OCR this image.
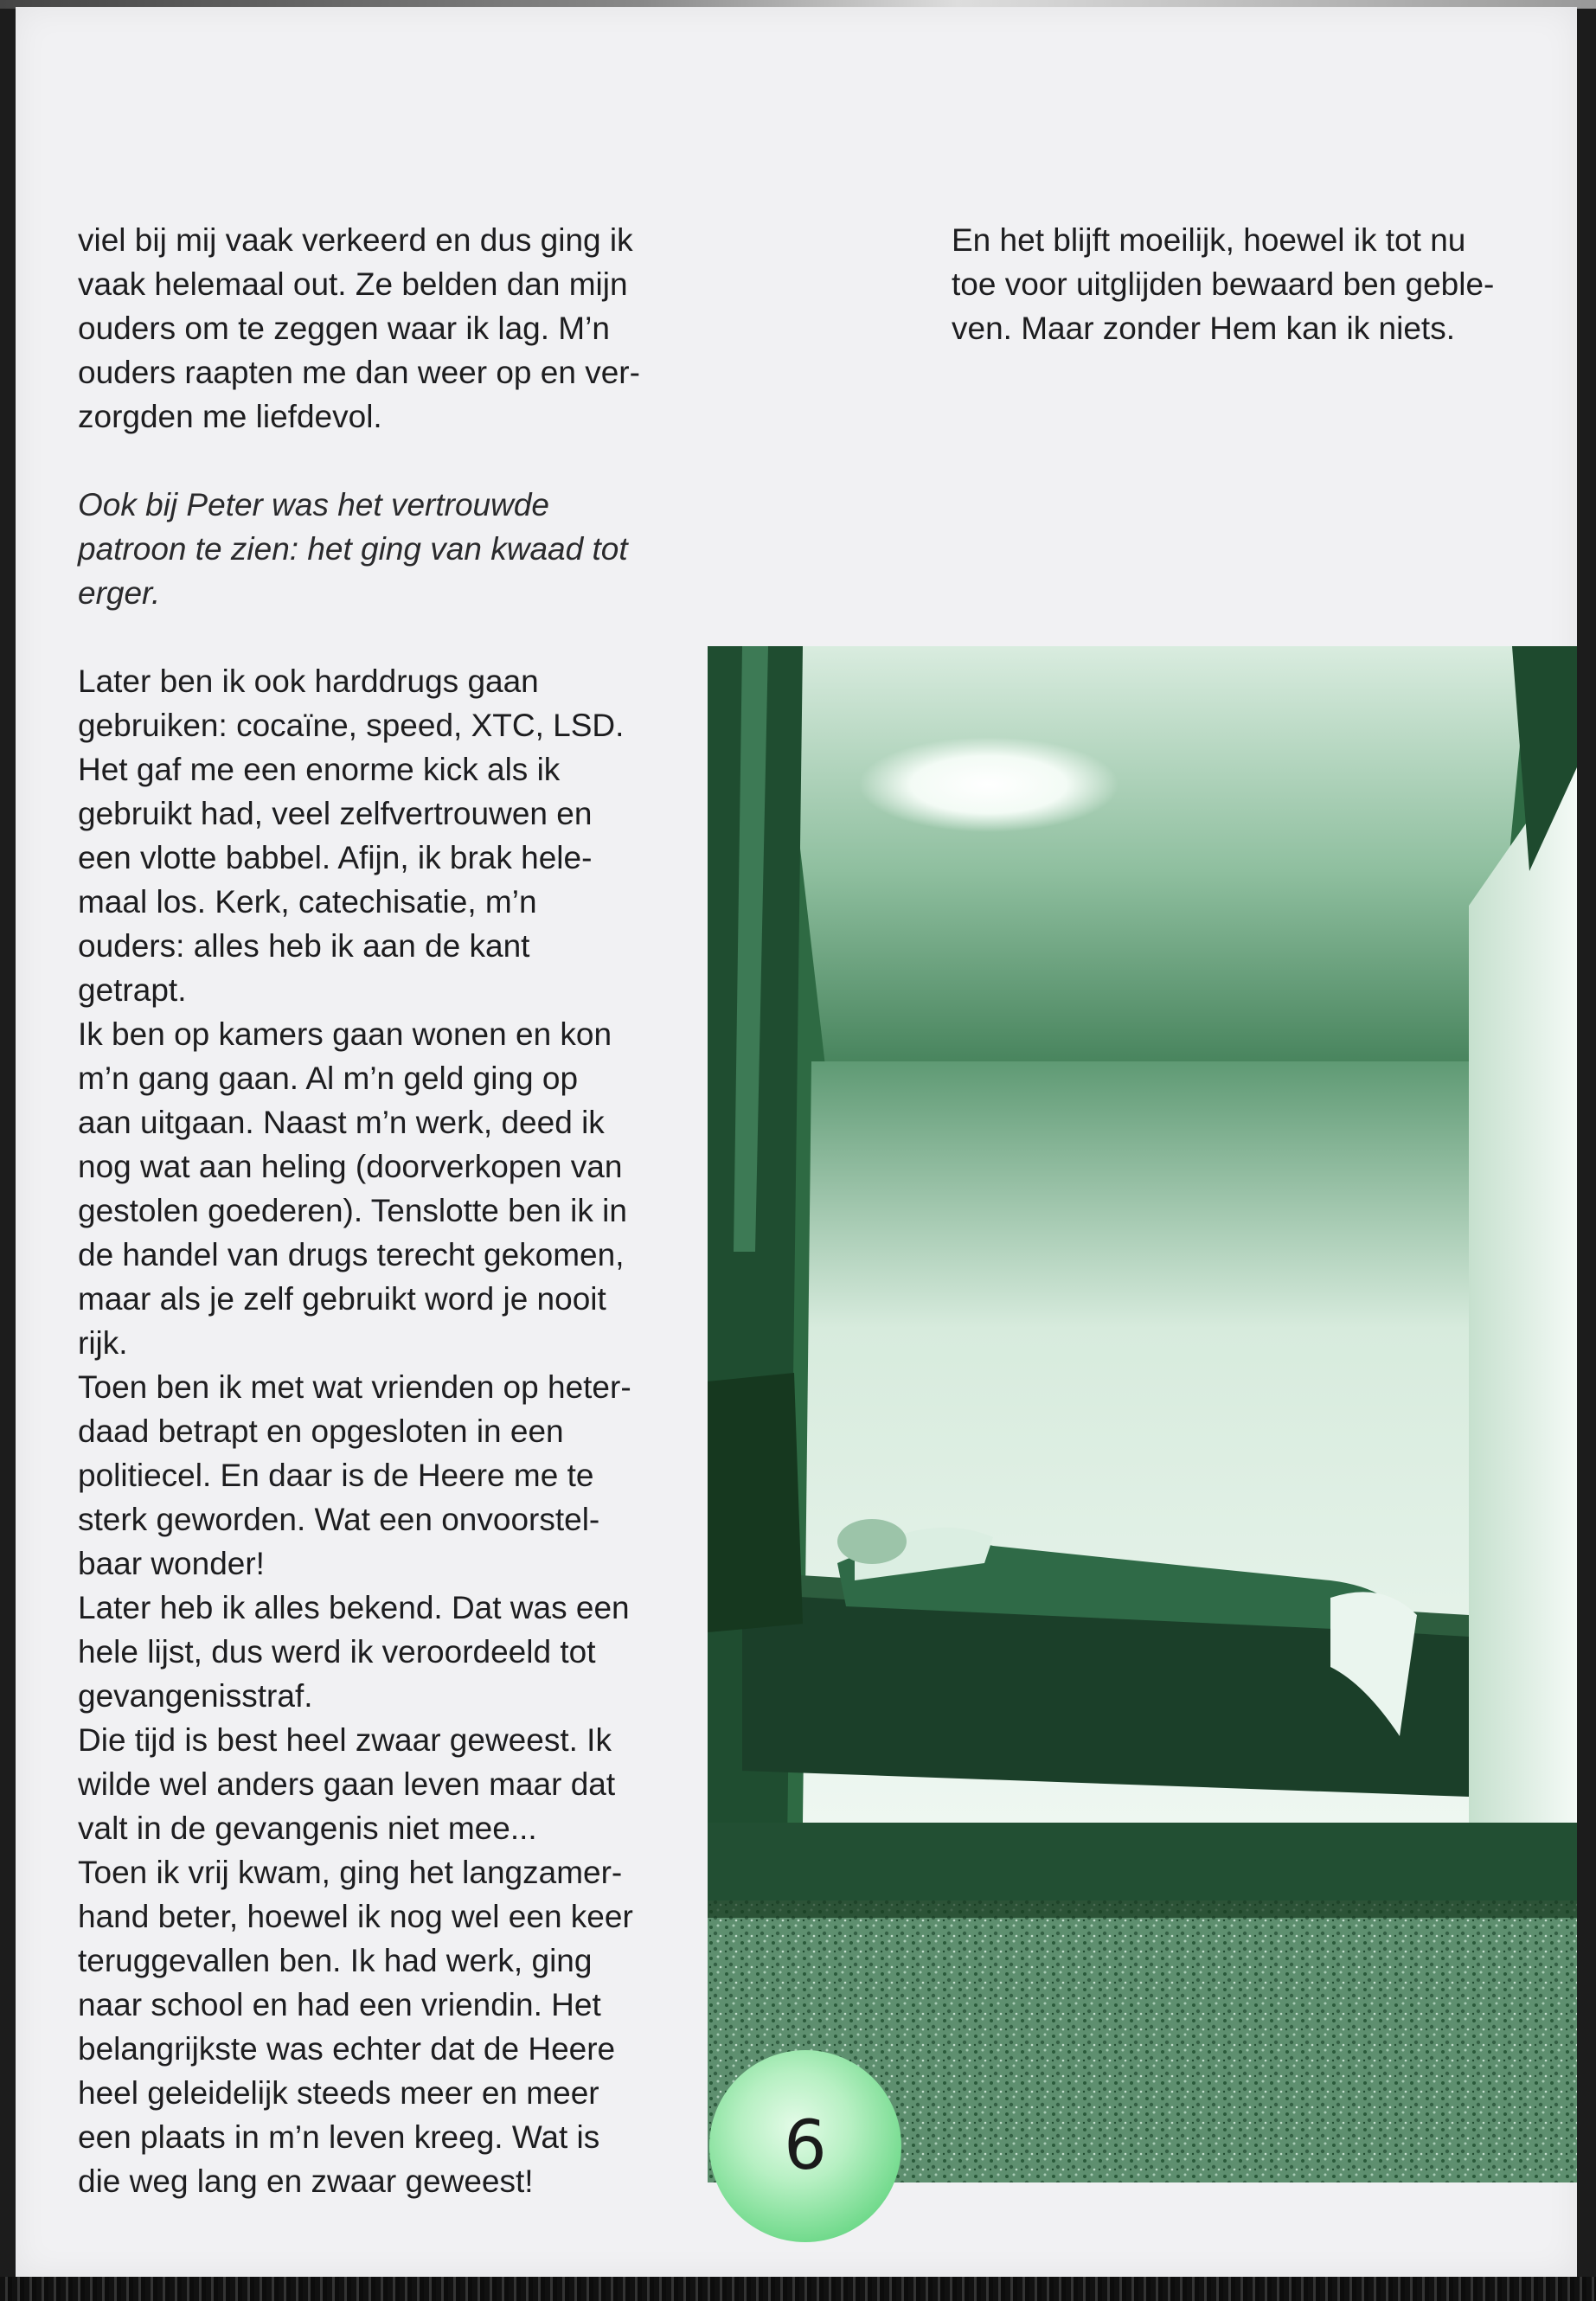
viel bij mij vaak verkeerd en dus ging ik

vaak helemaal out. Ze belden dan mijn

ouders om te zeggen waar ik lag. M’n

ouders raapten me dan weer op en ver-

zorgden me liefdevol.

Ook bij Peter was het vertrouwde

patroon te zien: het ging van kwaad tot

erger.

Later ben ik ook harddrugs gaan

gebruiken: cocaïne, speed, XTC, LSD.

Het gaf me een enorme kick als ik

gebruikt had, veel zelfvertrouwen en

een vlotte babbel. Afijn, ik brak hele-

maal los. Kerk, catechisatie, m’n

ouders: alles heb ik aan de kant

getrapt.

Ik ben op kamers gaan wonen en kon

m’n gang gaan. Al m’n geld ging op

aan uitgaan. Naast m’n werk, deed ik

nog wat aan heling (doorverkopen van

gestolen goederen). Tenslotte ben ik in

de handel van drugs terecht gekomen,

maar als je zelf gebruikt word je nooit

rijk.

Toen ben ik met wat vrienden op heter-

daad betrapt en opgesloten in een

politiecel. En daar is de Heere me te

sterk geworden. Wat een onvoorstel-

baar wonder!

Later heb ik alles bekend. Dat was een

hele lijst, dus werd ik veroordeeld tot

gevangenisstraf.

Die tijd is best heel zwaar geweest. Ik

wilde wel anders gaan leven maar dat

valt in de gevangenis niet mee...

Toen ik vrij kwam, ging het langzamer-

hand beter, hoewel ik nog wel een keer

teruggevallen ben. Ik had werk, ging

naar school en had een vriendin. Het

belangrijkste was echter dat de Heere

heel geleidelijk steeds meer en meer

een plaats in m’n leven kreeg. Wat is

die weg lang en zwaar geweest!

En het blijft moeilijk, hoewel ik tot nu

toe voor uitglijden bewaard ben geble-

ven. Maar zonder Hem kan ik niets.

6
